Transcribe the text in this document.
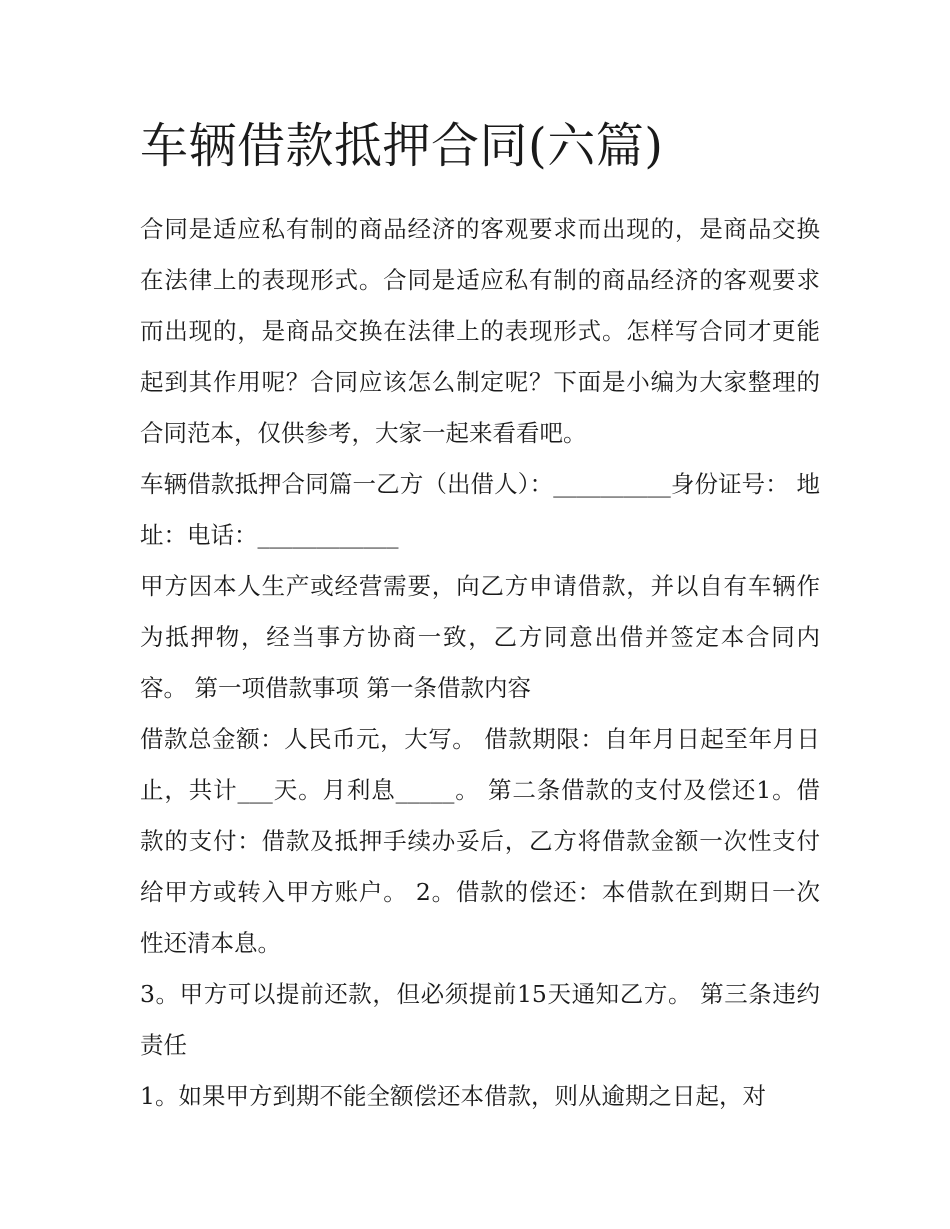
车辆借款抵押合同(六篇)

合同是适应私有制的商品经济的客观要求而出现的，是商品交换在法律上的表现形式。合同是适应私有制的商品经济的客观要求而出现的，是商品交换在法律上的表现形式。怎样写合同才更能起到其作用呢？合同应该怎么制定呢？下面是小编为大家整理的合同范本，仅供参考，大家一起来看看吧。

车辆借款抵押合同篇一乙方（出借人）：__________身份证号： 地址：电话：____________

甲方因本人生产或经营需要，向乙方申请借款，并以自有车辆作为抵押物，经当事方协商一致，乙方同意出借并签定本合同内容。 第一项借款事项 第一条借款内容

借款总金额：人民币元，大写。 借款期限：自年月日起至年月日止，共计___天。月利息_____。 第二条借款的支付及偿还1。借款的支付：借款及抵押手续办妥后，乙方将借款金额一次性支付给甲方或转入甲方账户。 2。借款的偿还：本借款在到期日一次性还清本息。

3。甲方可以提前还款，但必须提前15天通知乙方。 第三条违约责任

1。如果甲方到期不能全额偿还本借款，则从逾期之日起，对
